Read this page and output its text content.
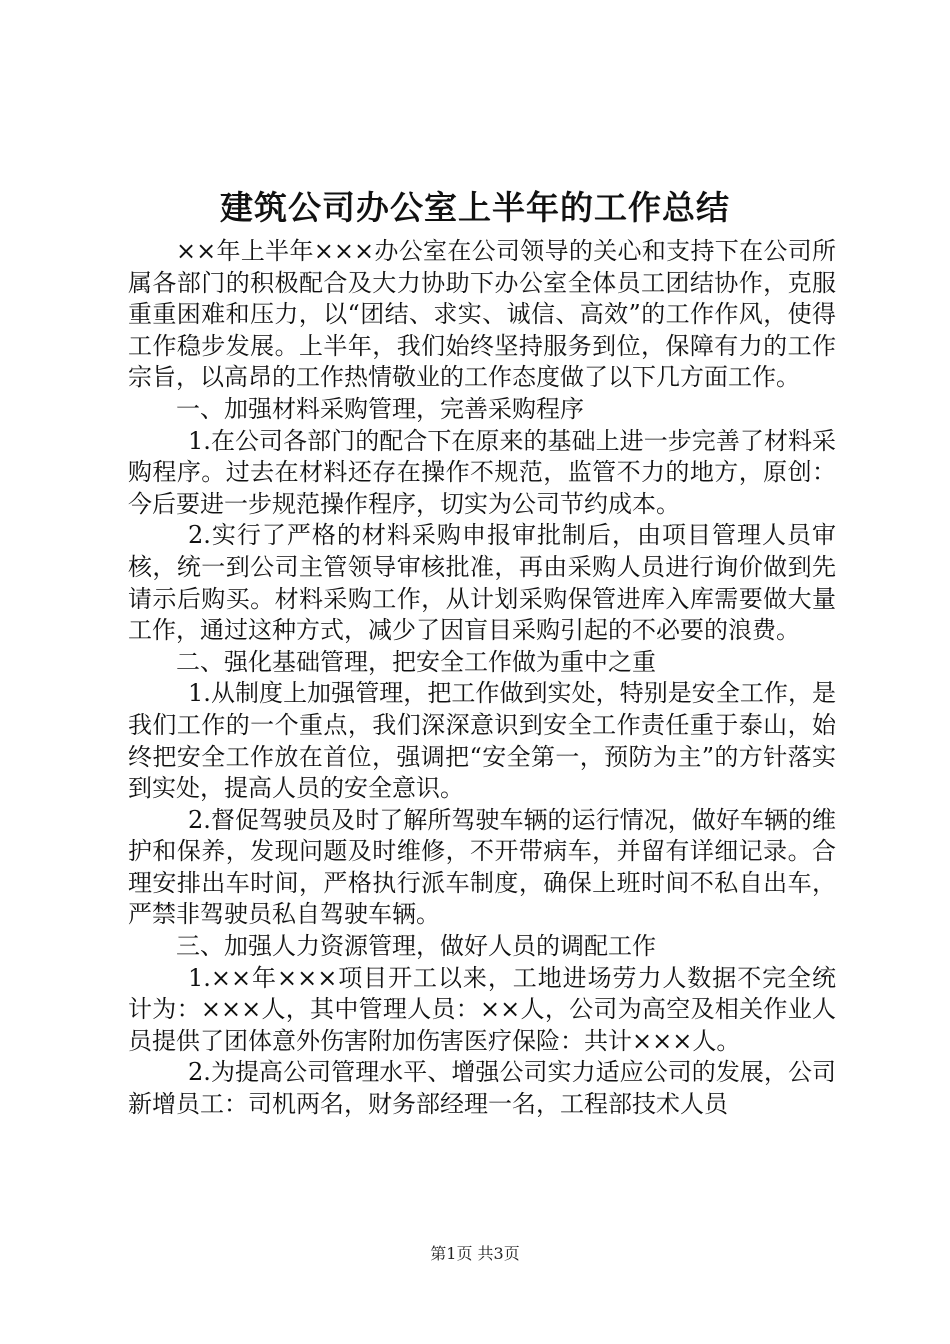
建筑公司办公室上半年的工作总结

××年上半年×××办公室在公司领导的关心和支持下在公司所属各部门的积极配合及大力协助下办公室全体员工团结协作，克服重重困难和压力，以“团结、求实、诚信、高效”的工作作风，使得工作稳步发展。上半年，我们始终坚持服务到位，保障有力的工作宗旨，以高昂的工作热情敬业的工作态度做了以下几方面工作。

一、加强材料采购管理，完善采购程序

1.在公司各部门的配合下在原来的基础上进一步完善了材料采购程序。过去在材料还存在操作不规范，监管不力的地方，原创：今后要进一步规范操作程序，切实为公司节约成本。

2.实行了严格的材料采购申报审批制后，由项目管理人员审核，统一到公司主管领导审核批准，再由采购人员进行询价做到先请示后购买。材料采购工作，从计划采购保管进库入库需要做大量工作，通过这种方式，减少了因盲目采购引起的不必要的浪费。

二、强化基础管理，把安全工作做为重中之重

1.从制度上加强管理，把工作做到实处，特别是安全工作，是我们工作的一个重点，我们深深意识到安全工作责任重于泰山，始终把安全工作放在首位，强调把“安全第一，预防为主”的方针落实到实处，提高人员的安全意识。

2.督促驾驶员及时了解所驾驶车辆的运行情况，做好车辆的维护和保养，发现问题及时维修，不开带病车，并留有详细记录。合理安排出车时间，严格执行派车制度，确保上班时间不私自出车，严禁非驾驶员私自驾驶车辆。

三、加强人力资源管理，做好人员的调配工作

1.××年×××项目开工以来，工地进场劳力人数据不完全统计为：×××人，其中管理人员：××人，公司为高空及相关作业人员提供了团体意外伤害附加伤害医疗保险：共计×××人。

2.为提高公司管理水平、增强公司实力适应公司的发展，公司新增员工：司机两名，财务部经理一名，工程部技术人员

第1页 共3页
